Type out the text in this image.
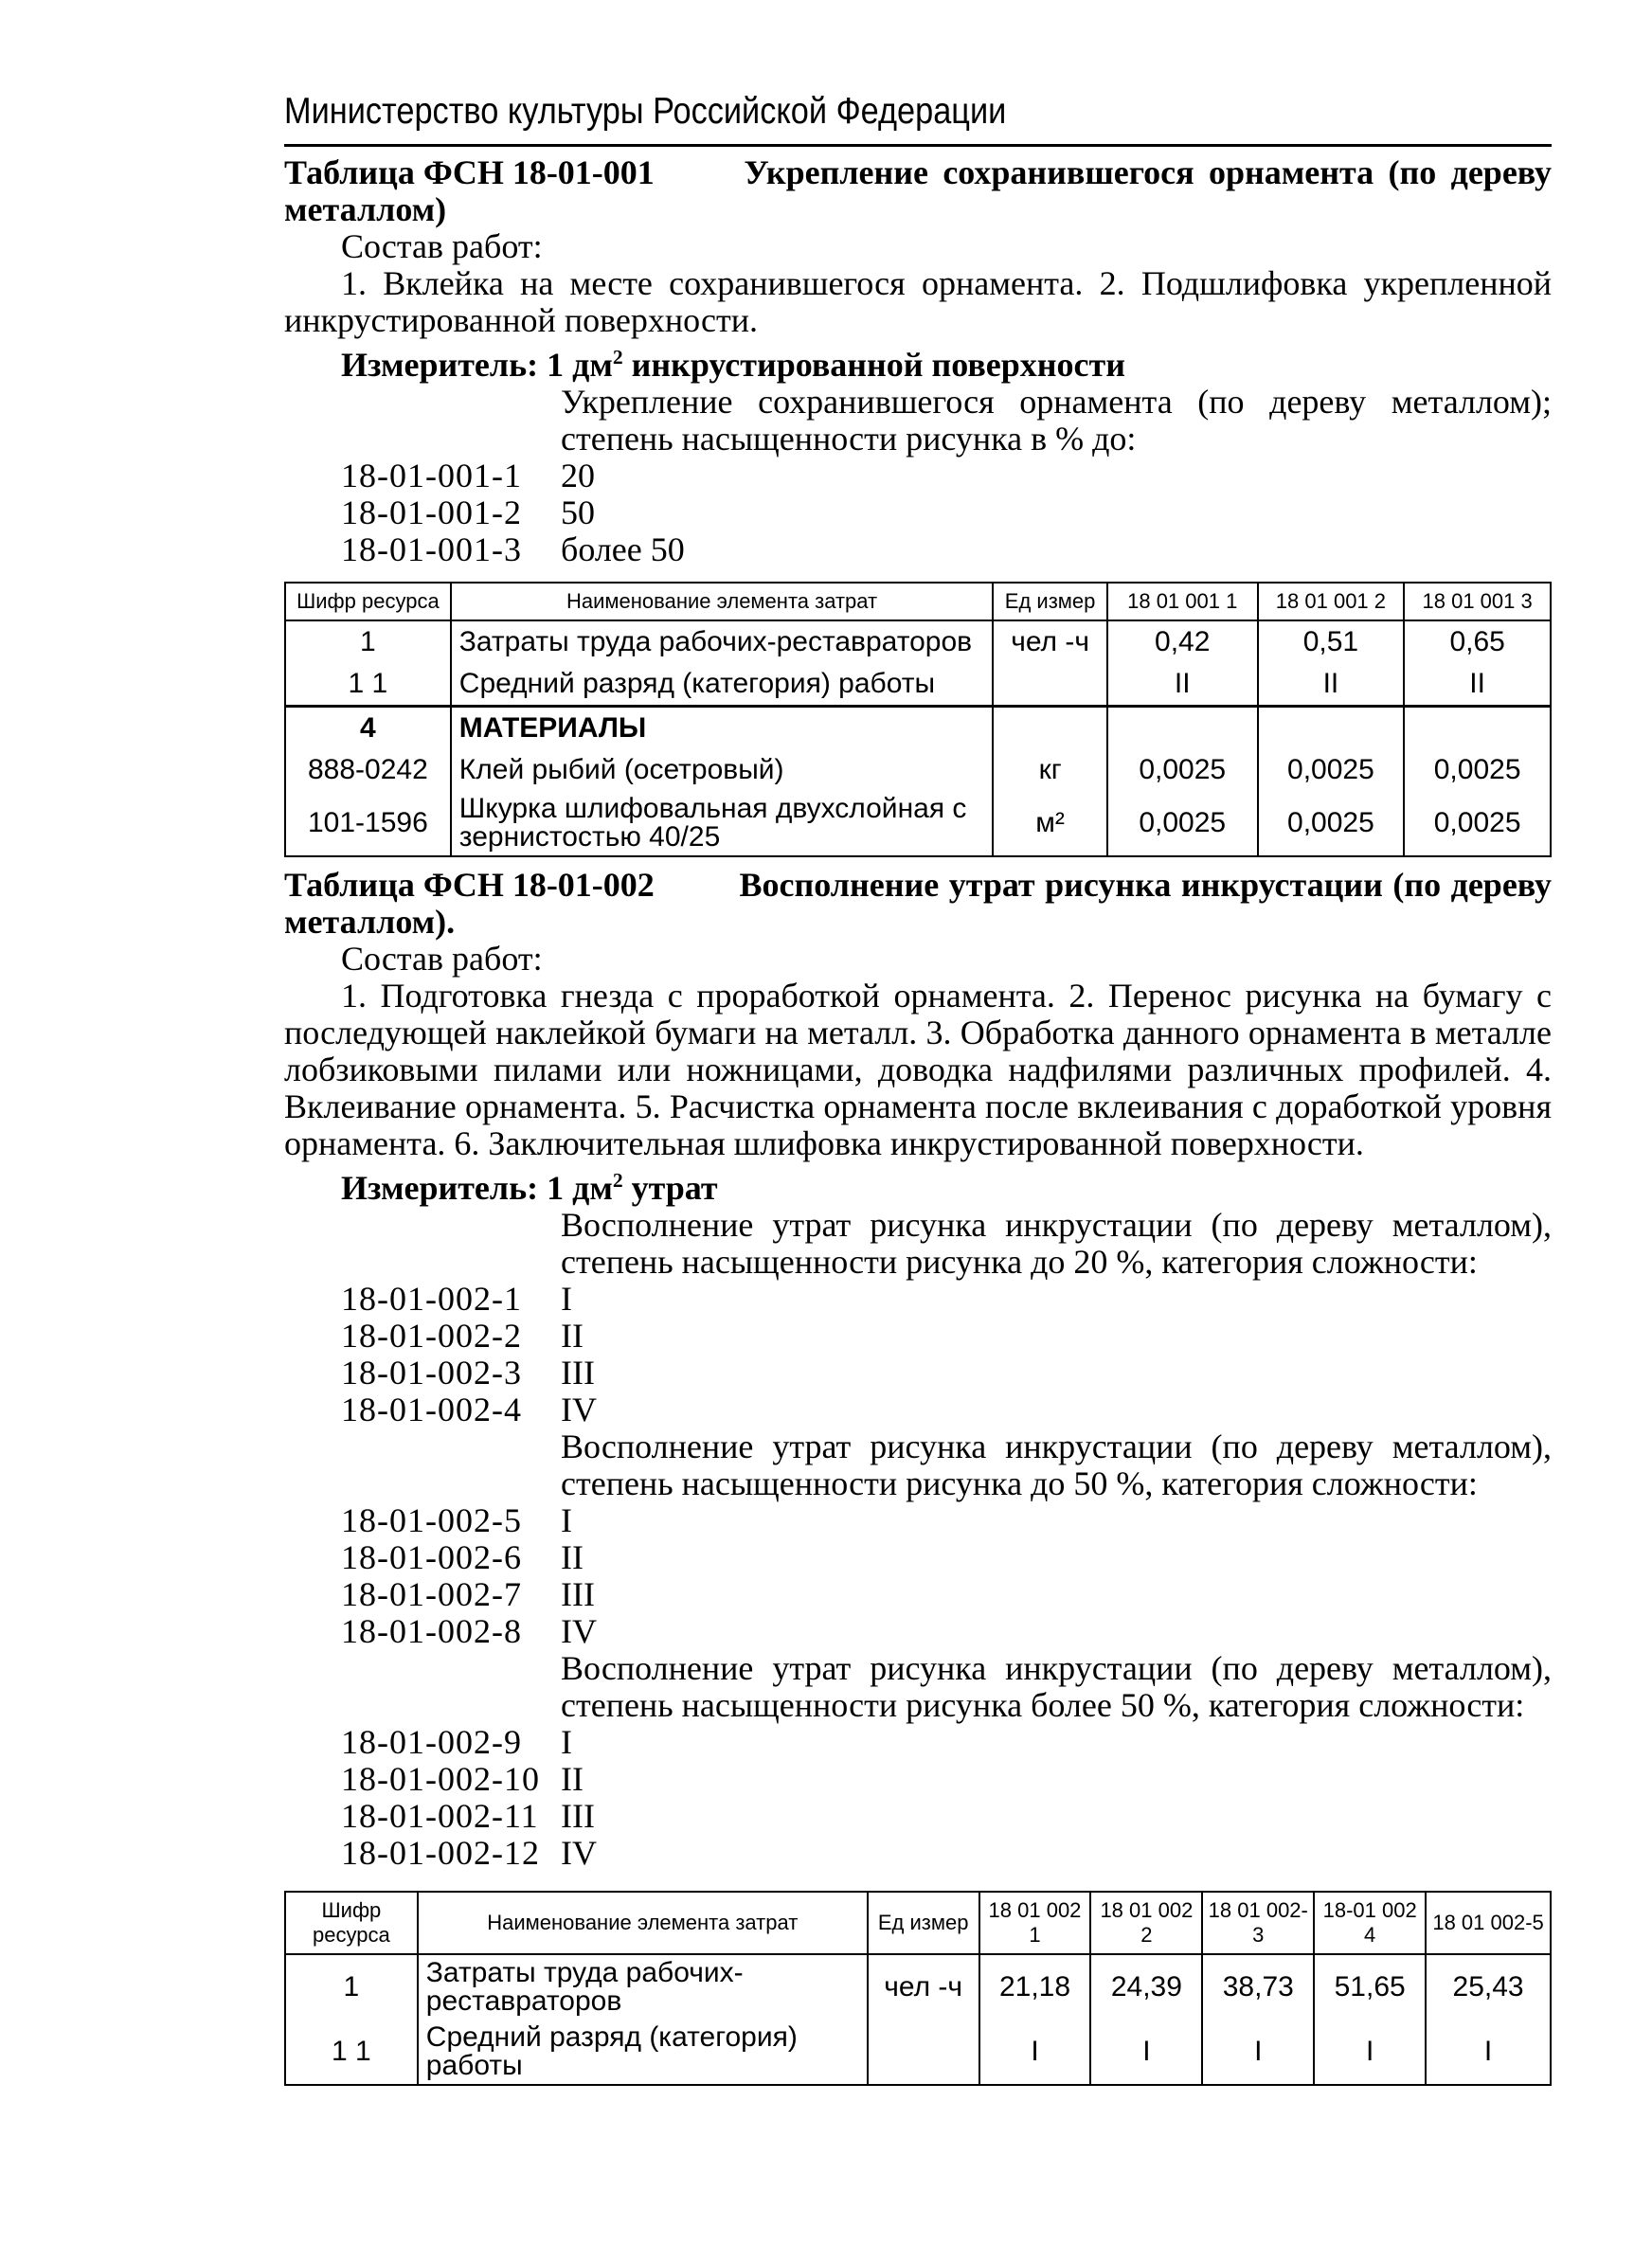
Министерство культуры Российской Федерации

Таблица ФСН 18-01-001	Укрепление сохранившегося орнамента (по дереву металлом)

Состав работ:

1. Вклейка на месте сохранившегося орнамента. 2. Подшлифовка укрепленной инкрустированной поверхности.

Измеритель: 1 $дм^2$ инкрустированной поверхности

Укрепление сохранившегося орнамента (по дереву металлом); степень насыщенности рисунка в % до:

18-01-001-1	20
18-01-001-2	50
18-01-001-3	более 50
Шифр ресурса	Наименование элемента затрат	Ед измер	18 01 001 1	18 01 001 2	18 01 001 3
1	Затраты труда рабочих-реставраторов	чел -ч	0,42	0,51	0,65
1 1	Средний разряд (категория) работы		II	II	II
4	МАТЕРИАЛЫ				
888-0242	Клей рыбий (осетровый)	кг	0,0025	0,0025	0,0025
101-1596	Шкурка шлифовальная двухслойная с зернистостью 40/25	м²	0,0025	0,0025	0,0025

Таблица ФСН 18-01-002 Восполнение утрат рисунка инкрустации (по дереву металлом).

Состав работ:

1. Подготовка гнезда с проработкой орнамента. 2. Перенос рисунка на бумагу с последующей наклейкой бумаги на металл. 3. Обработка данного орнамента в металле лобзиковыми пилами или ножницами, доводка надфилями различных профилей. 4. Вклеивание орнамента. 5. Расчистка орнамента после вклеивания с доработкой уровня орнамента. 6. Заключительная шлифовка инкрустированной поверхности.

Измеритель: 1 $дм^2$ утрат

Восполнение утрат рисунка инкрустации (по дереву металлом), степень насыщенности рисунка до 20 %, категория сложности:

18-01-002-1	I
18-01-002-2	II
18-01-002-3	III
18-01-002-4	IV

Восполнение утрат рисунка инкрустации (по дереву металлом), степень насыщенности рисунка до 50 %, категория сложности:

18-01-002-5	I
18-01-002-6	II
18-01-002-7	III
18-01-002-8	IV

Восполнение утрат рисунка инкрустации (по дереву металлом), степень насыщенности рисунка более 50 %, категория сложности:

18-01-002-9	I
18-01-002-10 II
18-01-002-11 III
18-01-002-12 IV
Шифр ресурса	Наименование элемента затрат	Ед измер	18 01 002 1	18 01 002 2	18 01 002-3	18-01 002 4	18 01 002-5
1	Затраты труда рабочих-реставраторов	чел -ч	21,18	24,39	38,73	51,65	25,43
1 1	Средний разряд (категория) работы		I	I	I	I	I
